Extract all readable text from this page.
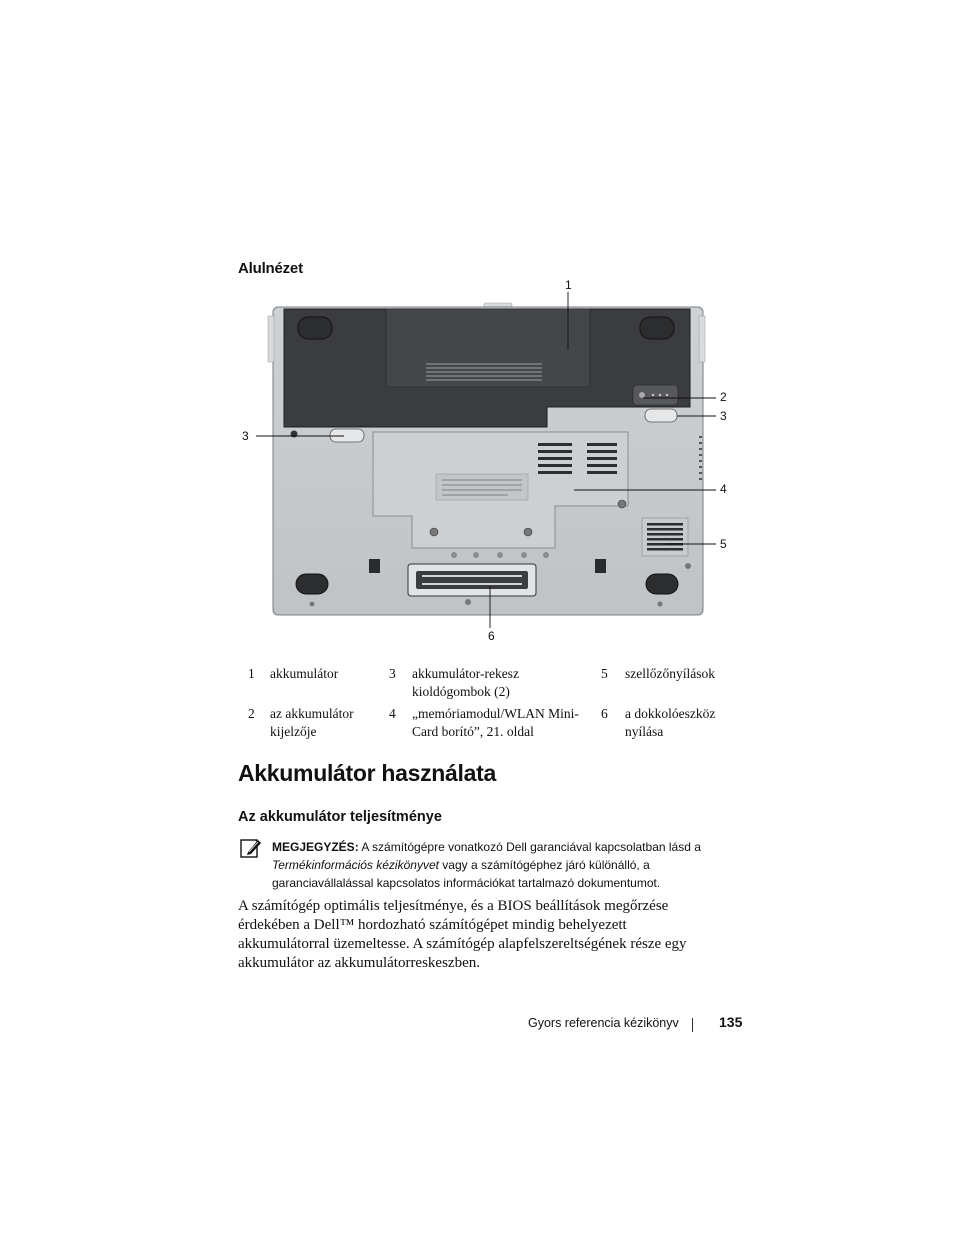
Alulnézet
1
2
3
3
4
5
6
1 akkumulátor	3 akkumulátor-rekesz kioldógombok (2)
5 szellőzőnyílások
2 az akkumulátor kijelzője
4 „memóriamodul/WLAN Mini-Card borító”, 21. oldal
6 a dokkolóeszköz nyílása
Akkumulátor használata
Az akkumulátor teljesítménye
MEGJEGYZÉS: A számítógépre vonatkozó Dell garanciával kapcsolatban lásd a Termékinformációs kézikönyvet vagy a számítógéphez járó különálló, a garanciavállalással kapcsolatos információkat tartalmazó dokumentumot.
A számítógép optimális teljesítménye, és a BIOS beállítások megőrzése érdekében a Dell™ hordozható számítógépet mindig behelyezett akkumulátorral üzemeltesse. A számítógép alapfelszereltségének része egy akkumulátor az akkumulátorreskeszben.
Gyors referencia kézikönyv	135
